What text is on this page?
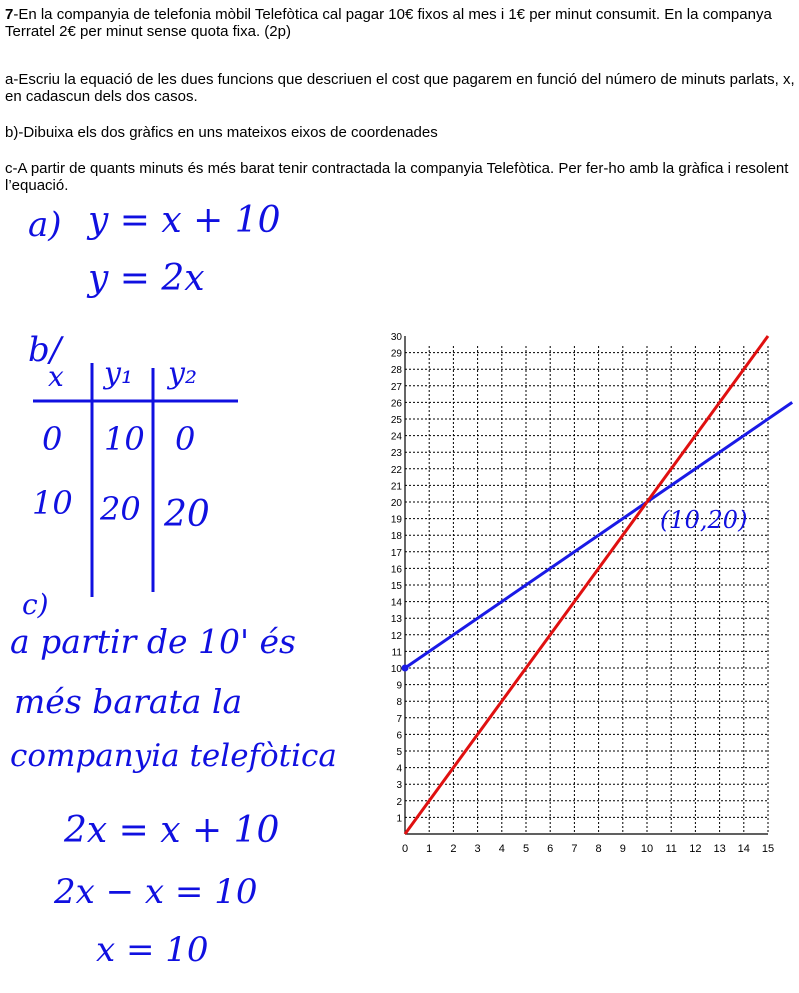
7-En la companyia de telefonia mòbil Telefòtica cal pagar 10€ fixos al mes i 1€ per minut consumit. En la companya Terratel 2€ per minut sense quota fixa. (2p)
a-Escriu la equació de les dues funcions que descriuen el cost que pagarem en funció del número de minuts parlats, x, en cadascun dels dos casos.
b)-Dibuixa els dos gràfics en uns mateixos eixos de coordenades
c-A partir de quants minuts és més barat tenir contractada la companyia Telefòtica. Per fer-ho amb la gràfica i resolent l’equació.
a) y = x + 10
y = 2x
b/
x y₁ y₂
0 10 0
10 20 20
c)
a partir de 10' és
més barata la
companyia telefòtica
2x = x + 10
2x − x = 10
x = 10
0 1 2 3 4 5 6 7 8 9 10 11 12 13 14 15
1
2
3
4
5
6
7
8
9
10
11
12
13
14
15
16
17
18
19
20
21
22
23
24
25
26
27
28
29
30
(10,20)
